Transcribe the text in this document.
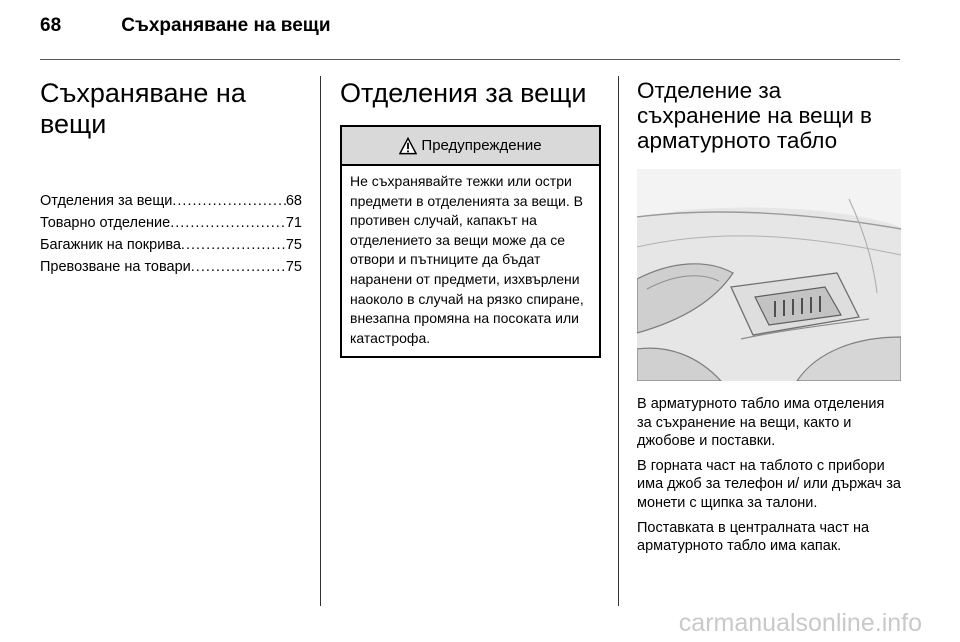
68	Съхраняване на вещи
Съхраняване на вещи
Отделения за вещи .....	68
Товарно отделение .....	71
Багажник на покрива .....	75
Превозване на товари .....	75
Отделения за вещи
Предупреждение
Не съхранявайте тежки или остри предмети в отделенията за вещи. В противен случай, капакът на отделението за вещи може да се отвори и пътниците да бъдат наранени от предмети, изхвърлени наоколо в случай на рязко спиране, внезапна промяна на посоката или катастрофа.
Отделение за съхранение на вещи в арматурното табло

В арматурното табло има отделения за съхранение на вещи, както и джобове и поставки.

В горната част на таблото с прибори има джоб за телефон и/ или държач за монети с щипка за талони.

Поставката в централната част на арматурното табло има капак.

carmanualsonline.info
